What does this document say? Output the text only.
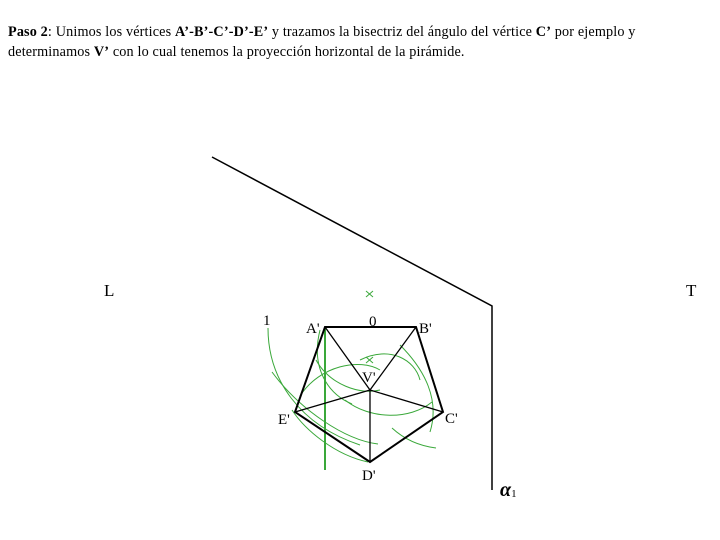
Paso 2: Unimos los vértices A’-B’-C’-D’-E’ y trazamos la bisectriz del ángulo del vértice C’ por ejemplo y determinamos V’ con lo cual tenemos la proyección horizontal de la pirámide.
L	T
1	0
A'	B'
C'
D'
E'
V'
α1
